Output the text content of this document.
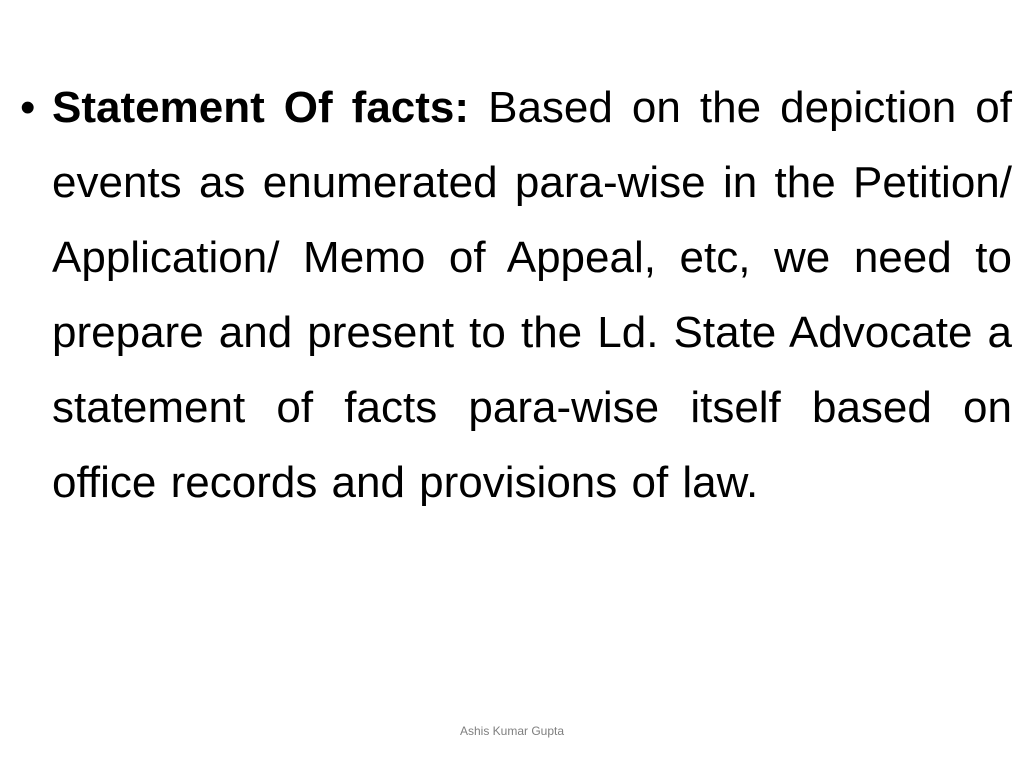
• Statement Of facts: Based on the depiction of events as enumerated para-wise in the Petition/ Application/ Memo of Appeal, etc, we need to prepare and present to the Ld. State Advocate a statement of facts para-wise itself based on office records and provisions of law.
Ashis Kumar Gupta
